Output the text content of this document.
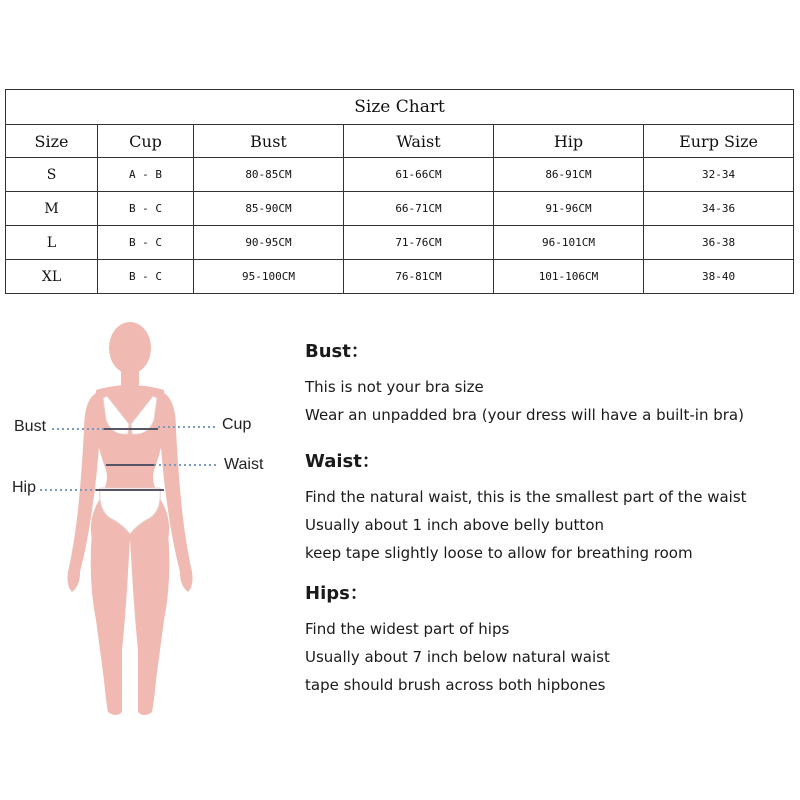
Size Chart					
Size	Cup	Bust	Waist	Hip	Eurp Size
S	A - B	80-85CM	61-66CM	86-91CM	32-34
M	B - C	85-90CM	66-71CM	91-96CM	34-36
L	B - C	90-95CM	71-76CM	96-101CM	36-38
XL	B - C	95-100CM	76-81CM	101-106CM	38-40
Bust	Cup
Waist
Hip
Bust：
This is not your bra size
Wear an unpadded bra (your dress will have a built-in bra)
Waist：
Find the natural waist, this is the smallest part of the waist
Usually about 1 inch above belly button
keep tape slightly loose to allow for breathing room
Hips：
Find the widest part of hips
Usually about 7 inch below natural waist
tape should brush across both hipbones
